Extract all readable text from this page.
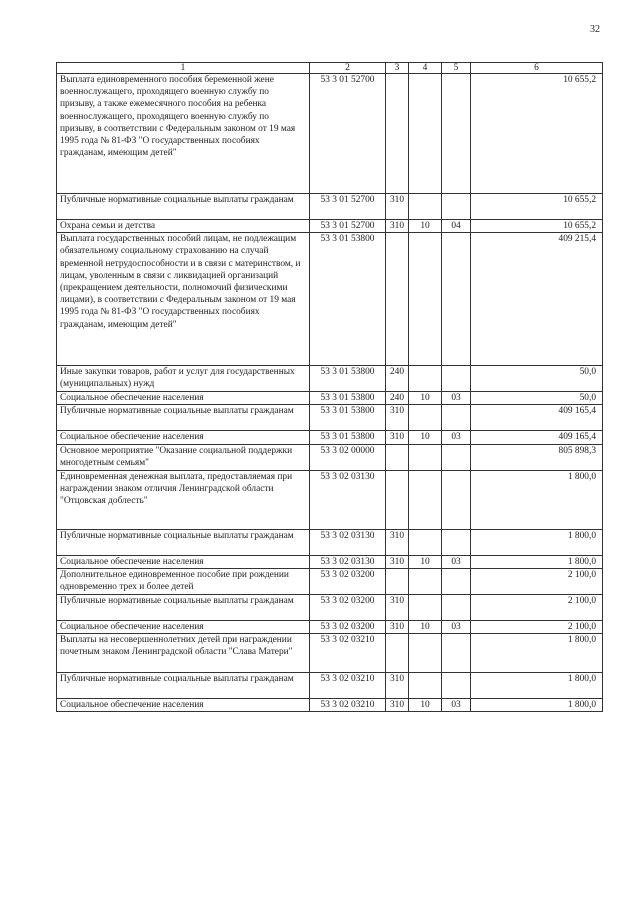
32
1	2	3	4	5	6
Выплата единовременного пособия беременной жене военнослужащего, проходящего военную службу по призыву, а также ежемесячного пособия на ребенка военнослужащего, проходящего военную службу по призыву, в соответствии с Федеральным законом от 19 мая 1995 года № 81-ФЗ "О государственных пособиях гражданам, имеющим детей"	53 3 01 52700				10 655,2
Публичные нормативные социальные выплаты гражданам	53 3 01 52700	310			10 655,2
Охрана семьи и детства	53 3 01 52700	310	10	04	10 655,2
Выплата государственных пособий лицам, не подлежащим обязательному социальному страхованию на случай временной нетрудоспособности и в связи с материнством, и лицам, уволенным в связи с ликвидацией организаций (прекращением деятельности, полномочий физическими лицами), в соответствии с Федеральным законом от 19 мая 1995 года № 81-ФЗ "О государственных пособиях гражданам, имеющим детей"	53 3 01 53800				409 215,4
Иные закупки товаров, работ и услуг для государственных (муниципальных) нужд	53 3 01 53800	240			50,0
Социальное обеспечение населения	53 3 01 53800	240	10	03	50,0
Публичные нормативные социальные выплаты гражданам	53 3 01 53800	310			409 165,4
Социальное обеспечение населения	53 3 01 53800	310	10	03	409 165,4
Основное мероприятие "Оказание социальной поддержки многодетным семьям"	53 3 02 00000				805 898,3
Единовременная денежная выплата, предоставляемая при награждении знаком отличия Ленинградской области "Отцовская доблесть"	53 3 02 03130				1 800,0
Публичные нормативные социальные выплаты гражданам	53 3 02 03130	310			1 800,0
Социальное обеспечение населения	53 3 02 03130	310	10	03	1 800,0
Дополнительное единовременное пособие при рождении одновременно трех и более детей	53 3 02 03200				2 100,0
Публичные нормативные социальные выплаты гражданам	53 3 02 03200	310			2 100,0
Социальное обеспечение населения	53 3 02 03200	310	10	03	2 100,0
Выплаты на несовершеннолетних детей при награждении почетным знаком Ленинградской области "Слава Матери"	53 3 02 03210				1 800,0
Публичные нормативные социальные выплаты гражданам	53 3 02 03210	310			1 800,0
Социальное обеспечение населения	53 3 02 03210	310	10	03	1 800,0
